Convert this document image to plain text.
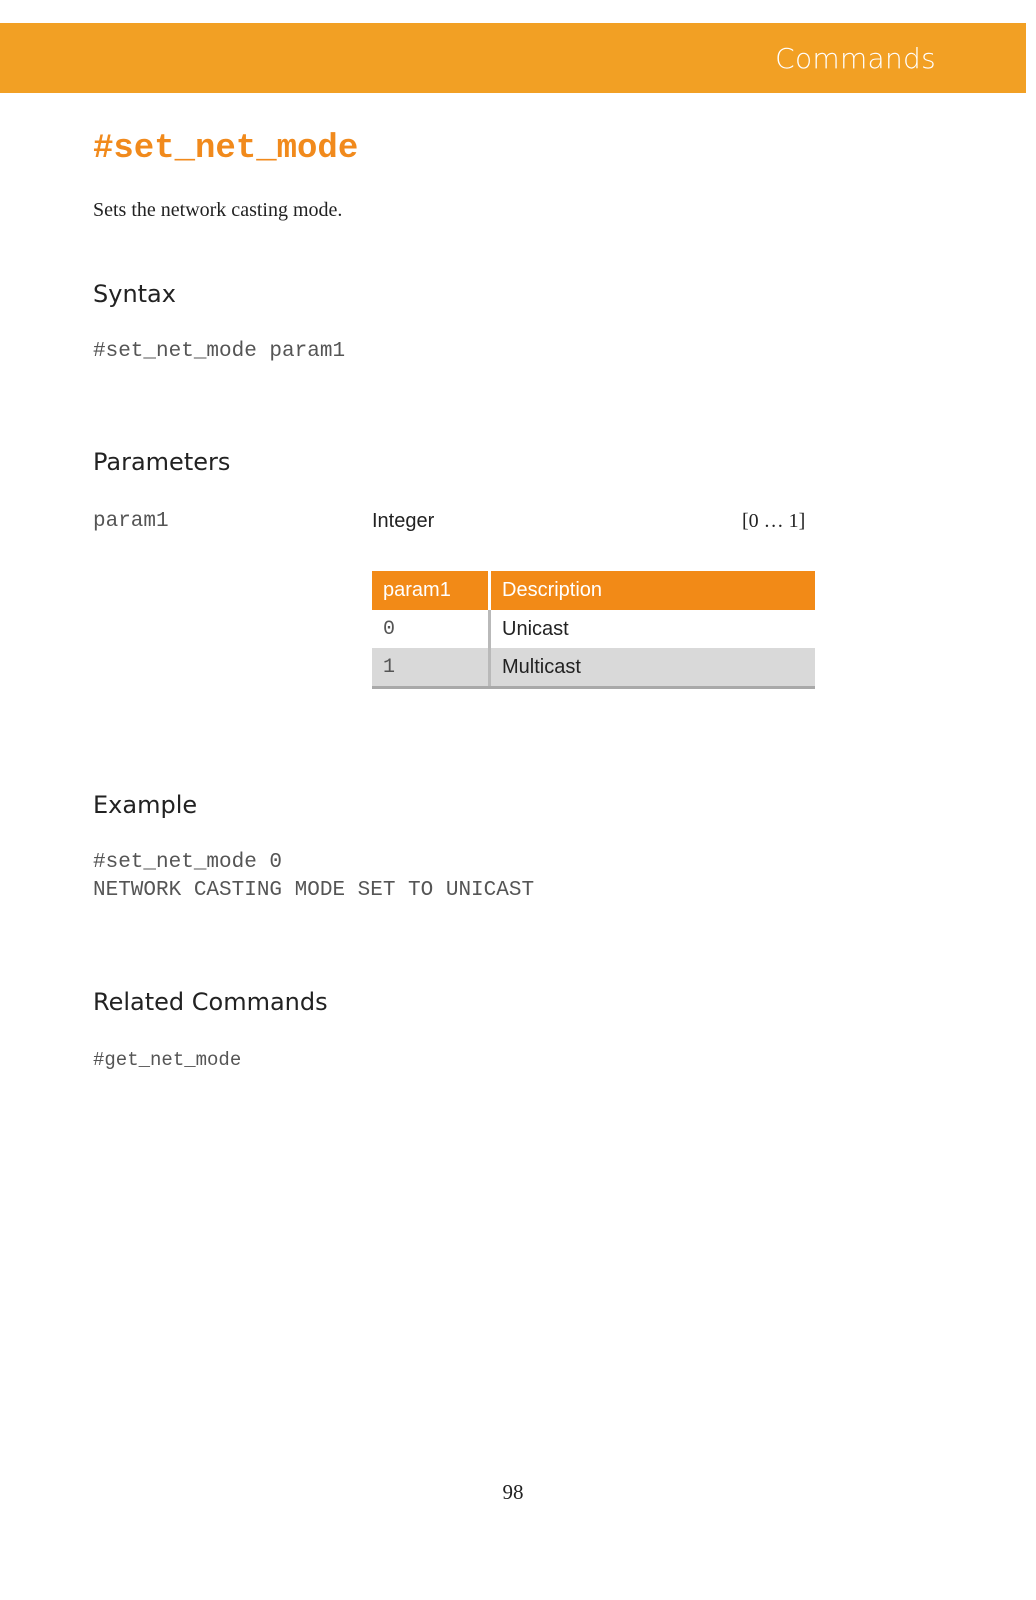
Commands
#set_net_mode
Sets the network casting mode.
Syntax
#set_net_mode param1
Parameters
param1	Integer	[0 … 1]
param1	Description
0	Unicast
1	Multicast
Example
#set_net_mode 0
NETWORK CASTING MODE SET TO UNICAST
Related Commands
#get_net_mode
98
